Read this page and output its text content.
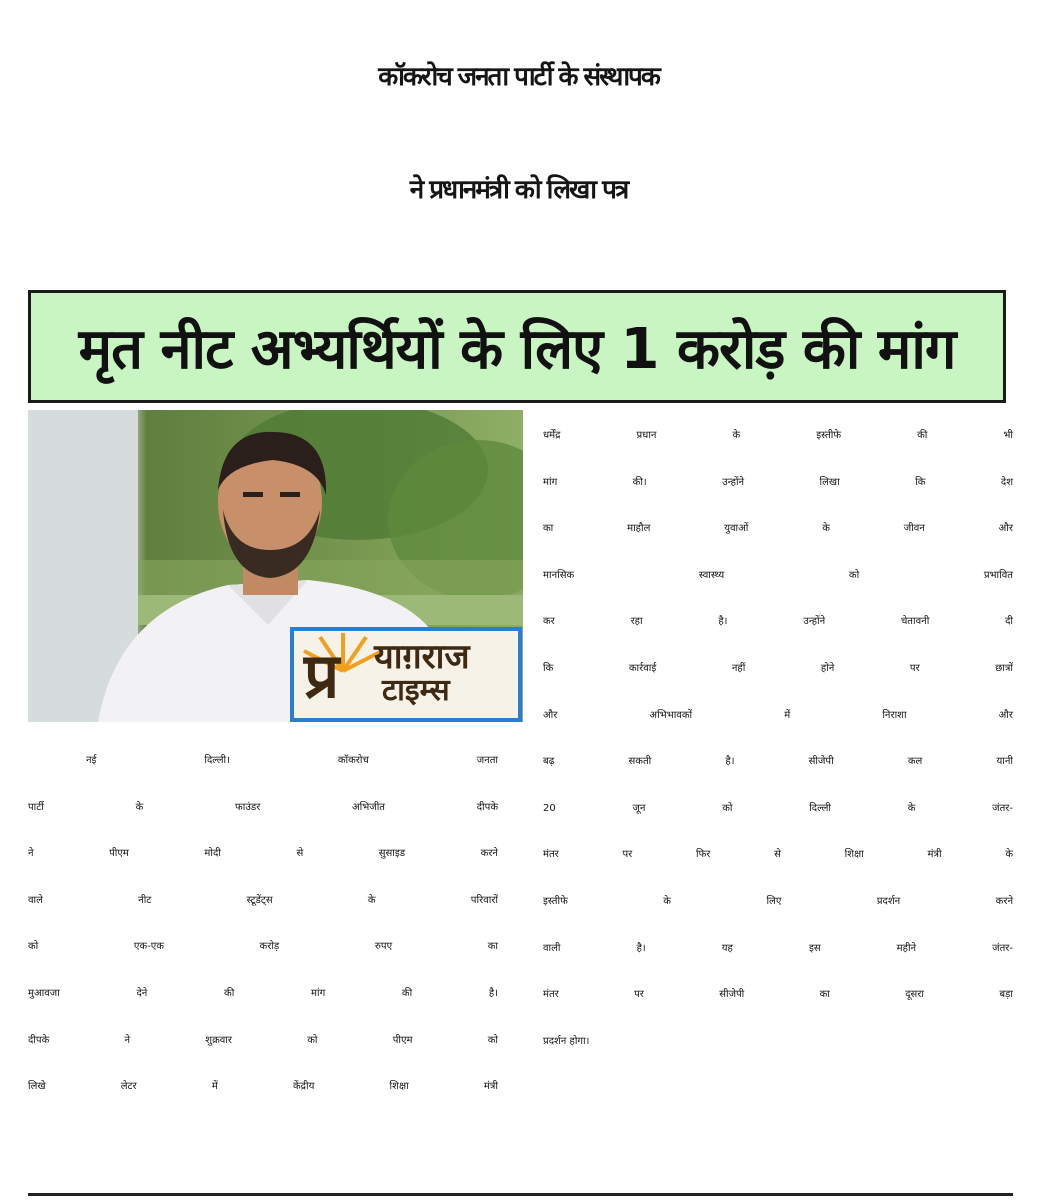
कॉकरोच जनता पार्टी के संस्थापक
ने प्रधानमंत्री को लिखा पत्र
मृत नीट अभ्यर्थियों के लिए 1 करोड़ की मांग
प्र याग़राज
टाइम्स
नई दिल्ली। कॉकरोच जनता
पार्टी के फाउंडर अभिजीत दीपके
ने पीएम मोदी से सुसाइड करने
वाले नीट स्टूडेंट्स के परिवारों
को एक-एक करोड़ रुपए का
मुआवजा देने की मांग की है।
दीपके ने शुक्रवार को पीएम को
लिखे लेटर में केंद्रीय शिक्षा मंत्री
धर्मेंद्र प्रधान के इस्तीफे की भी
मांग की। उन्होंने लिखा कि देश
का माहौल युवाओं के जीवन और
मानसिक स्वास्थ्य को प्रभावित
कर रहा है। उन्होंने चेतावनी दी
कि कार्रवाई नहीं होने पर छात्रों
और अभिभावकों में निराशा और
बढ़ सकती है। सीजेपी कल यानी
20 जून को दिल्ली के जंतर-
मंतर पर फिर से शिक्षा मंत्री के
इस्तीफे के लिए प्रदर्शन करने
वाली है। यह इस महीने जंतर-
मंतर पर सीजेपी का दूसरा बड़ा
प्रदर्शन होगा।
